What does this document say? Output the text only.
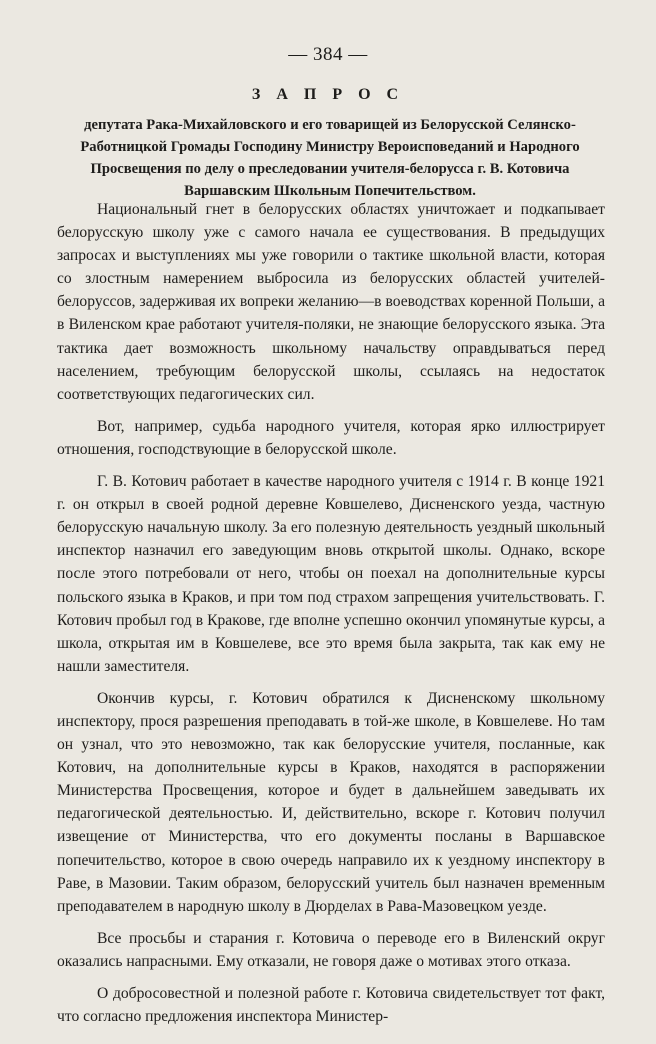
— 384 —
З А П Р О С
депутата Рака-Михайловского и его товарищей из Белорусской Селянско-Работницкой Громады Господину Министру Вероисповеданий и Народного Просвещения по делу о преследовании учителя-белорусса г. В. Котовича Варшавским Школьным Попечительством.

Национальный гнет в белорусских областях уничтожает и подкапывает белорусскую школу уже с самого начала ее существования. В предыдущих запросах и выступлениях мы уже говорили о тактике школьной власти, которая со злостным намерением выбросила из белорусских областей учителей-белоруссов, задерживая их вопреки желанию—в воеводствах коренной Польши, а в Виленском крае работают учителя-поляки, не знающие белорусского языка. Эта тактика дает возможность школьному начальству оправдываться перед населением, требующим белорусской школы, ссылаясь на недостаток соответствующих педагогических сил.

Вот, например, судьба народного учителя, которая ярко иллюстрирует отношения, господствующие в белорусской школе.

Г. В. Котович работает в качестве народного учителя с 1914 г. В конце 1921 г. он открыл в своей родной деревне Ковшелево, Дисненского уезда, частную белорусскую начальную школу. За его полезную деятельность уездный школьный инспектор назначил его заведующим вновь открытой школы. Однако, вскоре после этого потребовали от него, чтобы он поехал на дополнительные курсы польского языка в Краков, и при том под страхом запрещения учительствовать. Г. Котович пробыл год в Кракове, где вполне успешно окончил упомянутые курсы, а школа, открытая им в Ковшелеве, все это время была закрыта, так как ему не нашли заместителя.

Окончив курсы, г. Котович обратился к Дисненскому школьному инспектору, прося разрешения преподавать в той-же школе, в Ковшелеве. Но там он узнал, что это невозможно, так как белорусские учителя, посланные, как Котович, на дополнительные курсы в Краков, находятся в распоряжении Министерства Просвещения, которое и будет в дальнейшем заведывать их педагогической деятельностью. И, действительно, вскоре г. Котович получил извещение от Министерства, что его документы посланы в Варшавское попечительство, которое в свою очередь направило их к уездному инспектору в Раве, в Мазовии. Таким образом, белорусский учитель был назначен временным преподавателем в народную школу в Дюрделах в Рава-Мазовецком уезде.

Все просьбы и старания г. Котовича о переводе его в Виленский округ оказались напрасными. Ему отказали, не говоря даже о мотивах этого отказа.

О добросовестной и полезной работе г. Котовича свидетельствует тот факт, что согласно предложения инспектора Министер-
